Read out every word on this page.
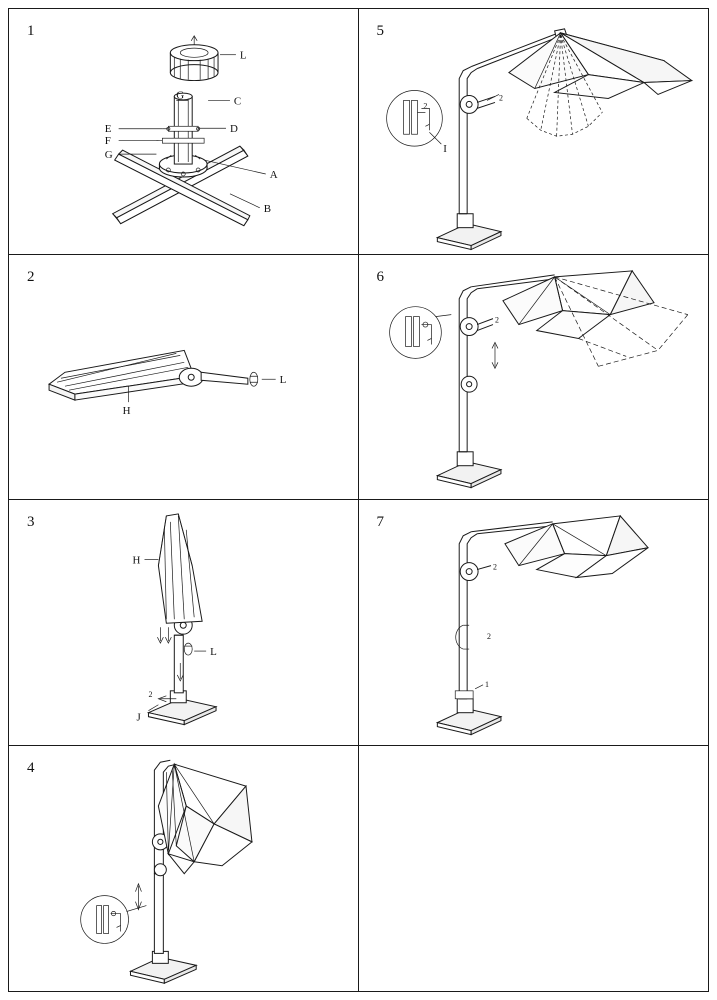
1
L
C
D
A
B
E
F
G
G
5
I
2
2
2
L
H
6
2
3
L
H
J
2
7
2
2
1
4
